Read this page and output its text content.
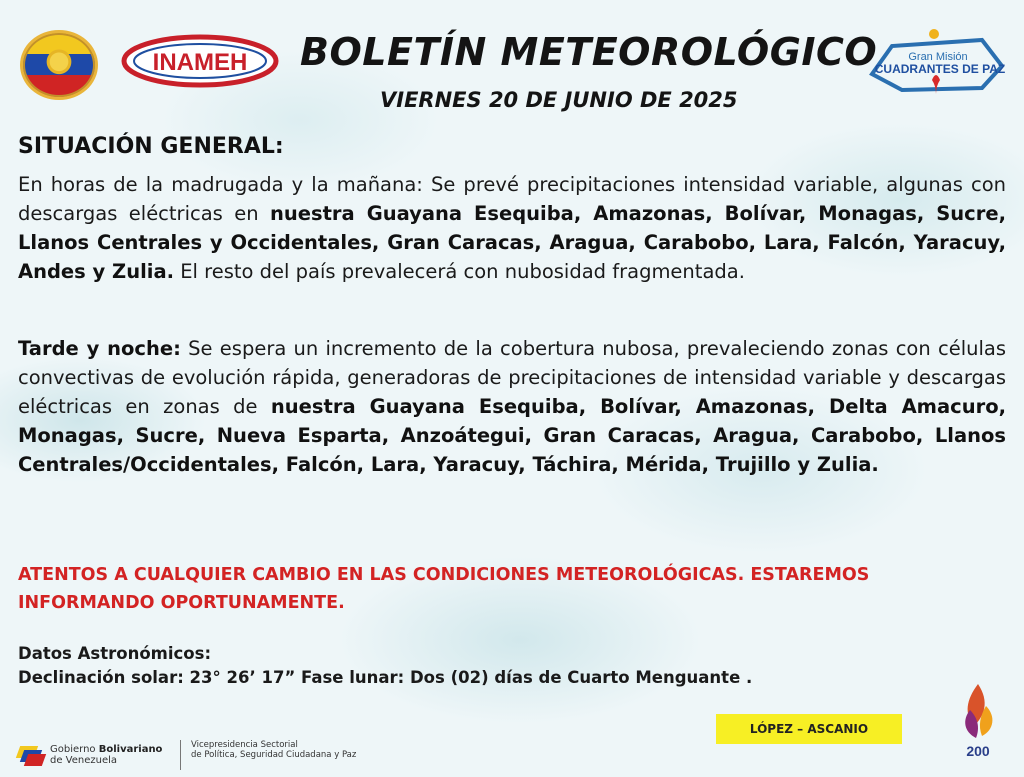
INAMEH BOLETÍN METEOROLÓGICO
VIERNES 20 DE JUNIO DE 2025
Gran Misión
CUADRANTES DE PAZ
SITUACIÓN GENERAL:
En horas de la madrugada y la mañana: Se prevé precipitaciones intensidad variable, algunas con descargas eléctricas en nuestra Guayana Esequiba, Amazonas, Bolívar, Monagas, Sucre, Llanos Centrales y Occidentales, Gran Caracas, Aragua, Carabobo, Lara, Falcón, Yaracuy, Andes y Zulia. El resto del país prevalecerá con nubosidad fragmentada.
Tarde y noche: Se espera un incremento de la cobertura nubosa, prevaleciendo zonas con células convectivas de evolución rápida, generadoras de precipitaciones de intensidad variable y descargas eléctricas en zonas de nuestra Guayana Esequiba, Bolívar, Amazonas, Delta Amacuro, Monagas, Sucre, Nueva Esparta, Anzoátegui, Gran Caracas, Aragua, Carabobo, Llanos Centrales/Occidentales, Falcón, Lara, Yaracuy, Táchira, Mérida, Trujillo y Zulia.
ATENTOS A CUALQUIER CAMBIO EN LAS CONDICIONES METEOROLÓGICAS. ESTAREMOS INFORMANDO OPORTUNAMENTE.
Datos Astronómicos:
Declinación solar: 23° 26’ 17” Fase lunar: Dos (02) días de Cuarto Menguante .
LÓPEZ – ASCANIO
Gobierno Bolivariano
de Venezuela
Vicepresidencia Sectorial
de Política, Seguridad Ciudadana y Paz	200
